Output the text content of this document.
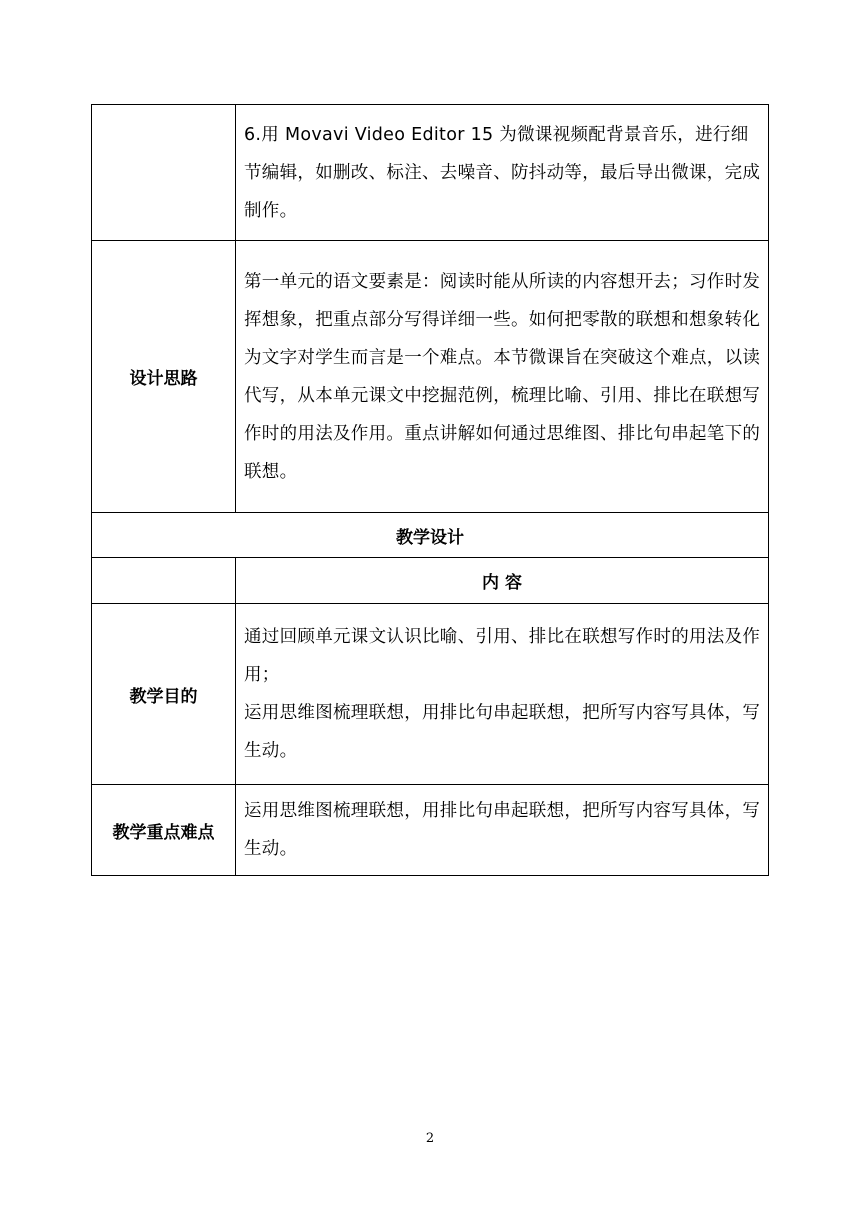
	6.用 Movavi Video Editor 15 为微课视频配背景音乐，进行细节编辑，如删改、标注、去噪音、防抖动等，最后导出微课，完成制作。

设计思路	第一单元的语文要素是：阅读时能从所读的内容想开去；习作时发挥想象，把重点部分写得详细一些。如何把零散的联想和想象转化为文字对学生而言是一个难点。本节微课旨在突破这个难点，以读代写，从本单元课文中挖掘范例，梳理比喻、引用、排比在联想写作时的用法及作用。重点讲解如何通过思维图、排比句串起笔下的联想。

教学设计	
	内 容
教学目的	通过回顾单元课文认识比喻、引用、排比在联想写作时的用法及作用；
运用思维图梳理联想，用排比句串起联想，把所写内容写具体，写生动。

教学重点难点	运用思维图梳理联想，用排比句串起联想，把所写内容写具体，写生动。
2
